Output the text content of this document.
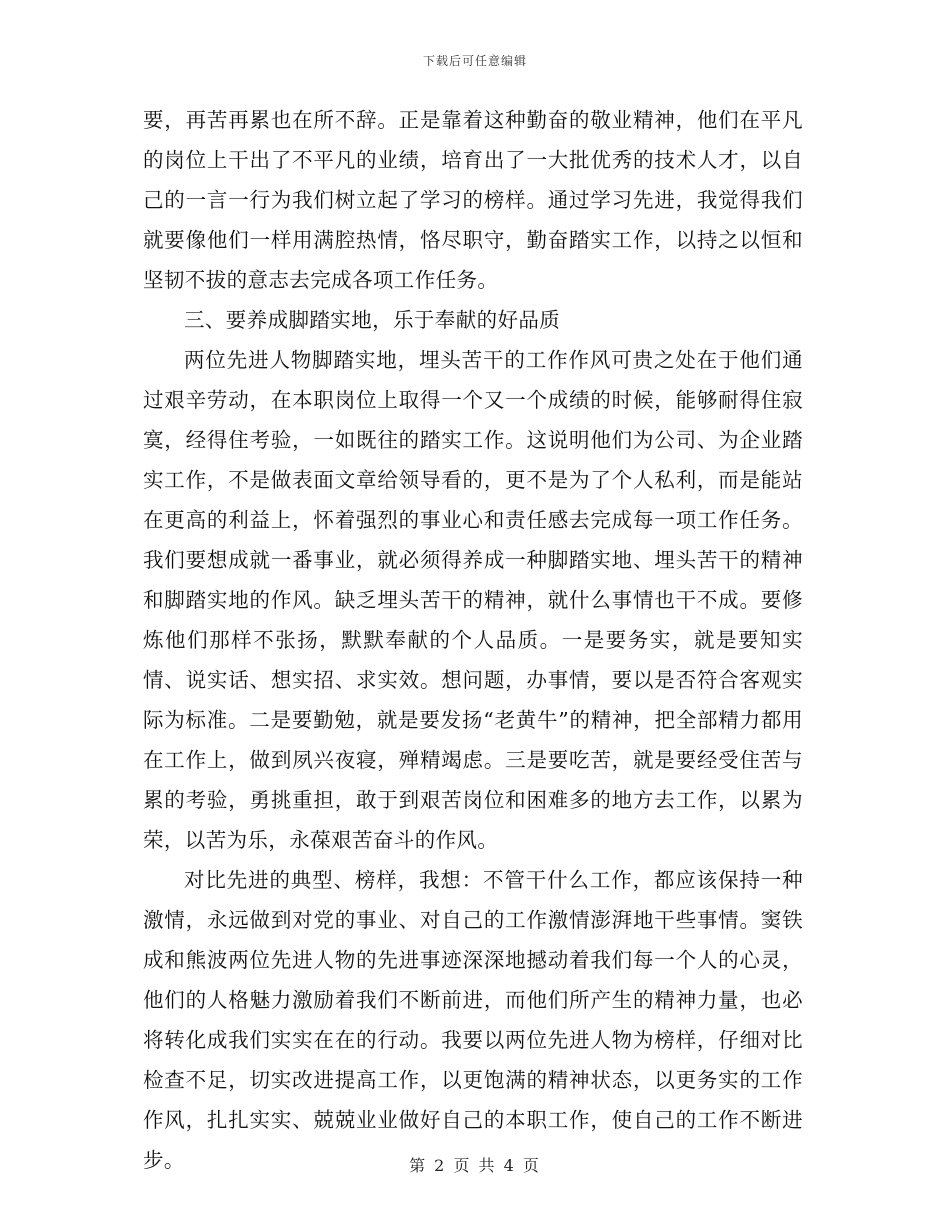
下载后可任意编辑

要，再苦再累也在所不辞。正是靠着这种勤奋的敬业精神，他们在平凡的岗位上干出了不平凡的业绩，培育出了一大批优秀的技术人才，以自己的一言一行为我们树立起了学习的榜样。通过学习先进，我觉得我们就要像他们一样用满腔热情，恪尽职守，勤奋踏实工作，以持之以恒和坚韧不拔的意志去完成各项工作任务。

三、要养成脚踏实地，乐于奉献的好品质

两位先进人物脚踏实地，埋头苦干的工作作风可贵之处在于他们通过艰辛劳动，在本职岗位上取得一个又一个成绩的时候，能够耐得住寂寞，经得住考验，一如既往的踏实工作。这说明他们为公司、为企业踏实工作，不是做表面文章给领导看的，更不是为了个人私利，而是能站在更高的利益上，怀着强烈的事业心和责任感去完成每一项工作任务。我们要想成就一番事业，就必须得养成一种脚踏实地、埋头苦干的精神和脚踏实地的作风。缺乏埋头苦干的精神，就什么事情也干不成。要修炼他们那样不张扬，默默奉献的个人品质。一是要务实，就是要知实情、说实话、想实招、求实效。想问题，办事情，要以是否符合客观实际为标准。二是要勤勉，就是要发扬“老黄牛”的精神，把全部精力都用在工作上，做到夙兴夜寝，殚精竭虑。三是要吃苦，就是要经受住苦与累的考验，勇挑重担，敢于到艰苦岗位和困难多的地方去工作，以累为荣，以苦为乐，永葆艰苦奋斗的作风。

对比先进的典型、榜样，我想：不管干什么工作，都应该保持一种激情，永远做到对党的事业、对自己的工作激情澎湃地干些事情。窦铁成和熊波两位先进人物的先进事迹深深地撼动着我们每一个人的心灵，他们的人格魅力激励着我们不断前进，而他们所产生的精神力量，也必将转化成我们实实在在的行动。我要以两位先进人物为榜样，仔细对比检查不足，切实改进提高工作，以更饱满的精神状态，以更务实的工作作风，扎扎实实、兢兢业业做好自己的本职工作，使自己的工作不断进步。	第 2 页 共 4 页
